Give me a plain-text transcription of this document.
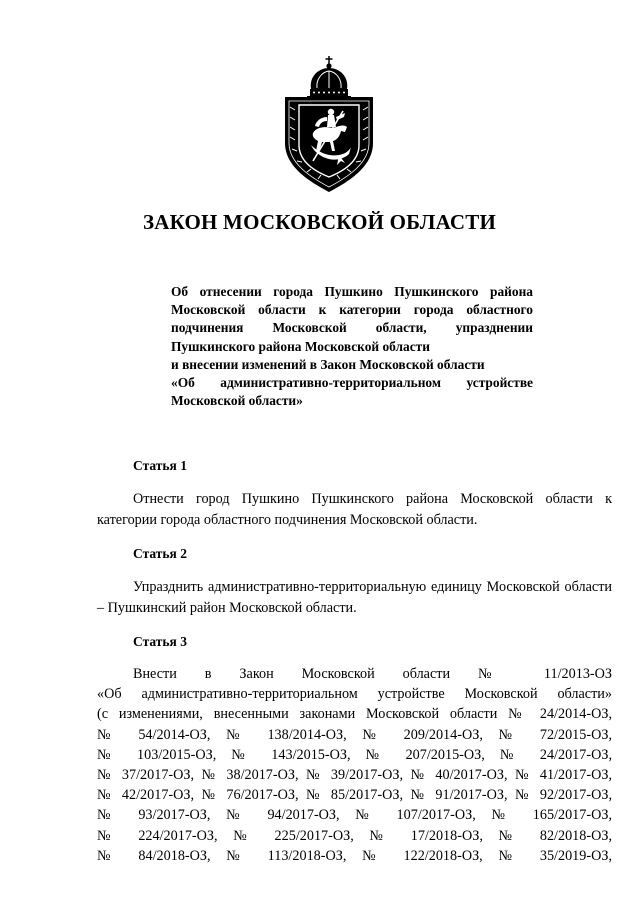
ЗАКОН МОСКОВСКОЙ ОБЛАСТИ
Об отнесении города Пушкино Пушкинского района Московской области к категории города областного подчинения Московской области, упразднении Пушкинского района Московской области
и внесении изменений в Закон Московской области
«Об административно-территориальном устройстве Московской области»
Статья 1
Отнести город Пушкино Пушкинского района Московской области к категории города областного подчинения Московской области.
Статья 2
Упразднить административно-территориальную единицу Московской области – Пушкинский район Московской области.
Статья 3
Внести в Закон Московской области № 11/2013-ОЗ
«Об административно-территориальном устройстве Московской области»
(с изменениями, внесенными законами Московской области № 24/2014-ОЗ,
№ 54/2014-ОЗ, № 138/2014-ОЗ, № 209/2014-ОЗ, № 72/2015-ОЗ,
№ 103/2015-ОЗ, № 143/2015-ОЗ, № 207/2015-ОЗ, № 24/2017-ОЗ,
№ 37/2017-ОЗ, № 38/2017-ОЗ, № 39/2017-ОЗ, № 40/2017-ОЗ, № 41/2017-ОЗ,
№ 42/2017-ОЗ, № 76/2017-ОЗ, № 85/2017-ОЗ, № 91/2017-ОЗ, № 92/2017-ОЗ,
№ 93/2017-ОЗ, № 94/2017-ОЗ, № 107/2017-ОЗ, № 165/2017-ОЗ,
№ 224/2017-ОЗ, № 225/2017-ОЗ, № 17/2018-ОЗ, № 82/2018-ОЗ,
№ 84/2018-ОЗ, № 113/2018-ОЗ, № 122/2018-ОЗ, № 35/2019-ОЗ,
